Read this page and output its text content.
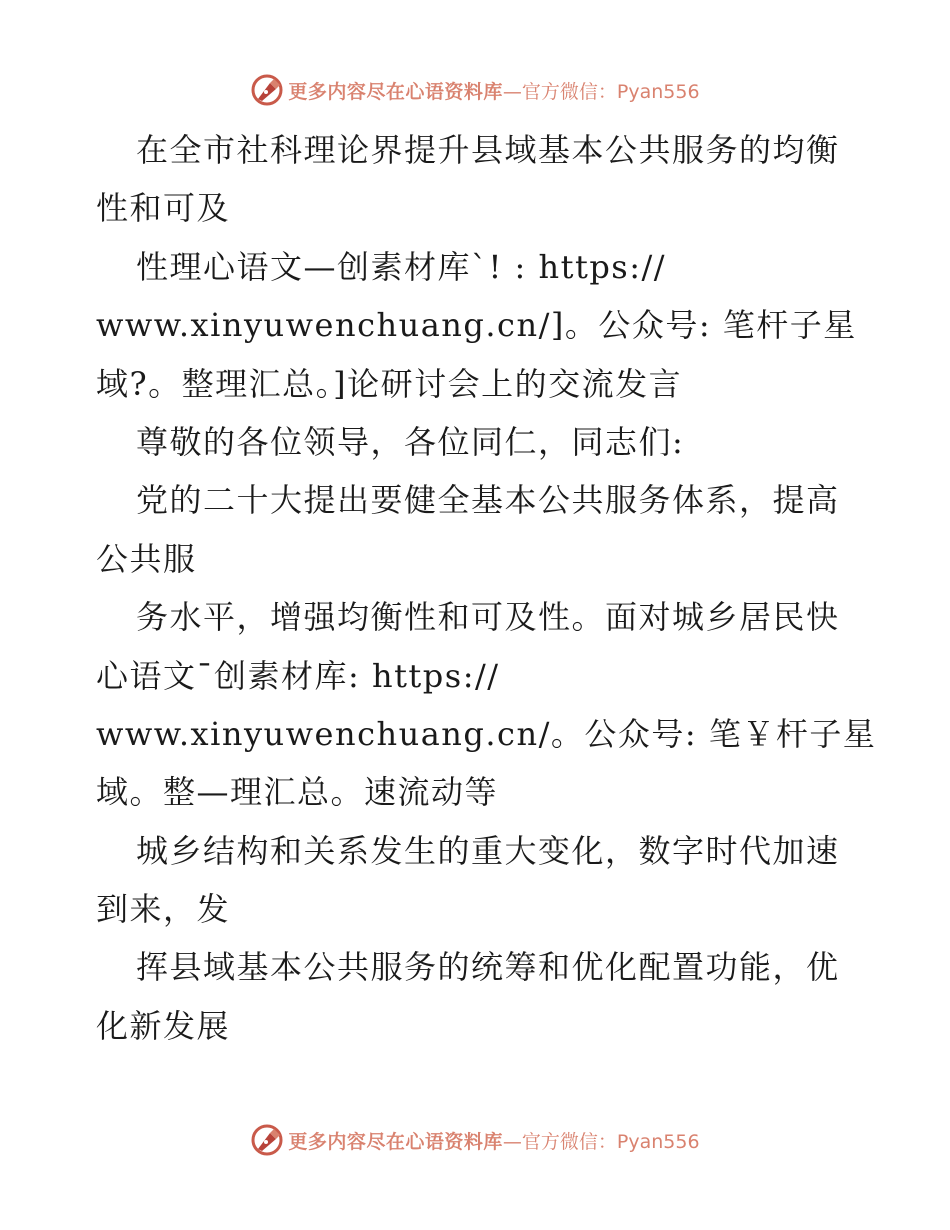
更多内容尽在心语资料库 —官方微信：Pyan556
在全市社科理论界提升县域基本公共服务的均衡
性和可及
性理心语文—创素材库`! : https://
www.xinyuwenchuang.cn/]。公众号: 笔杆子星
域?。整理汇总。]论研讨会上的交流发言
尊敬的各位领导，各位同仁，同志们:
党的二十大提出要健全基本公共服务体系，提高
公共服
务水平，增强均衡性和可及性。面对城乡居民快
心语文¯创素材库: https://
www.xinyuwenchuang.cn/。公众号: 笔￥杆子星
域。整—理汇总。速流动等
城乡结构和关系发生的重大变化，数字时代加速
到来，发
挥县域基本公共服务的统筹和优化配置功能，优
化新发展
更多内容尽在心语资料库 —官方微信：Pyan556
